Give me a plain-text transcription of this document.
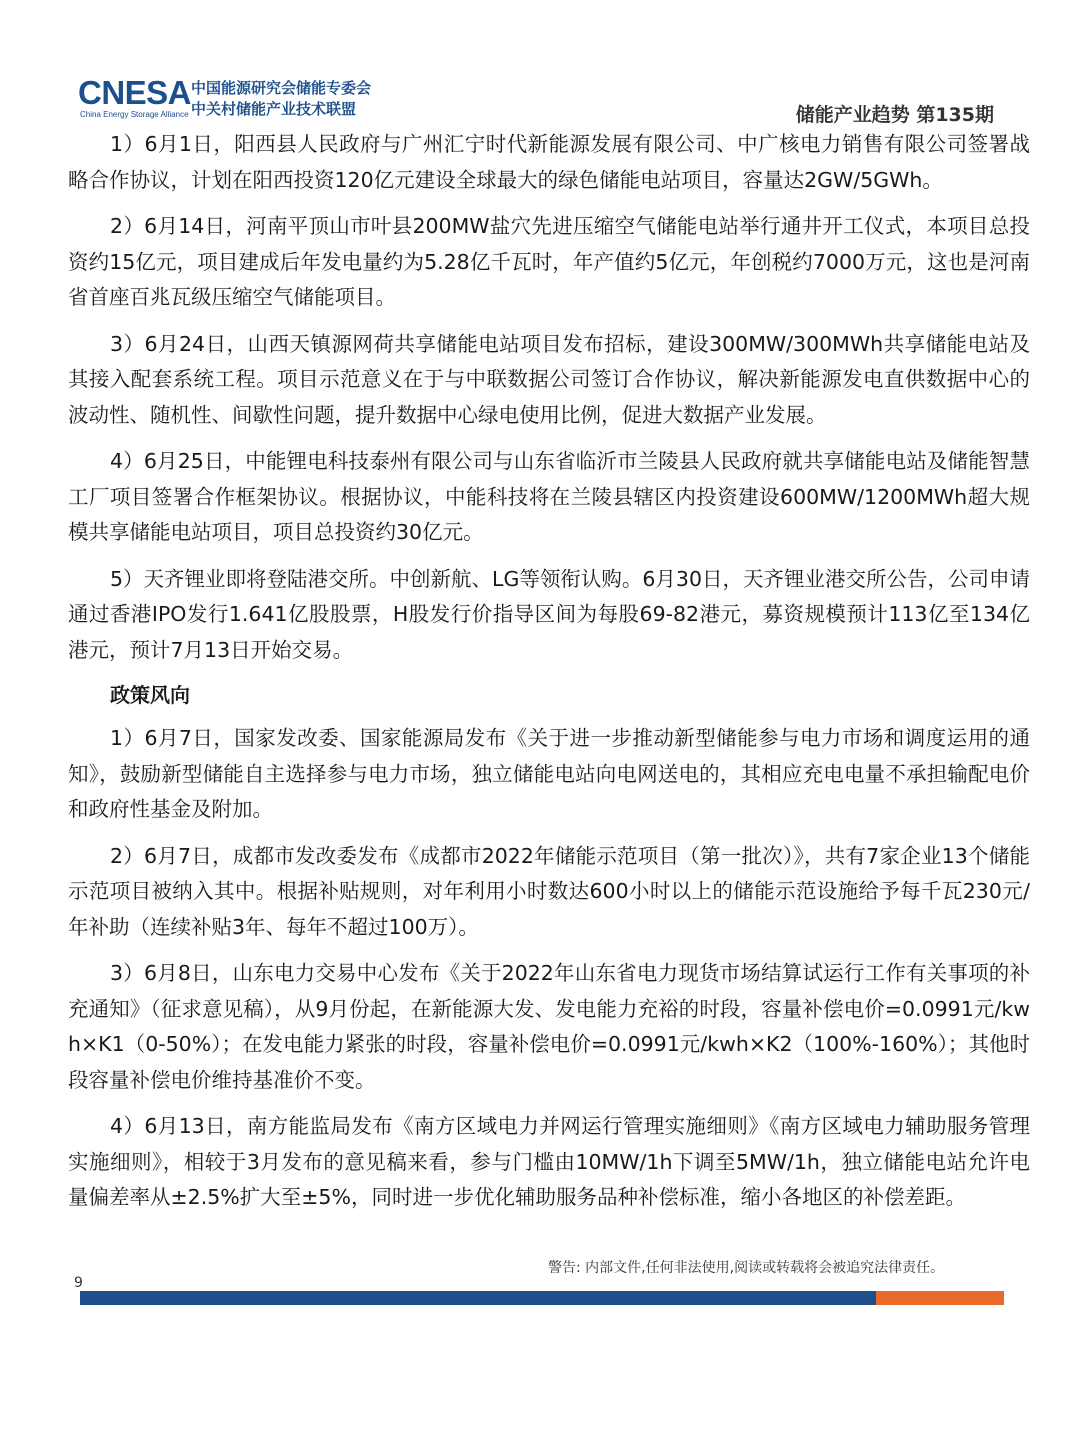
CNESA
China Energy Storage Alliance
中国能源研究会储能专委会
中关村储能产业技术联盟	储能产业趋势 第135期

1）6月1日，阳西县人民政府与广州汇宁时代新能源发展有限公司、中广核电力销售有限公司签署战略合作协议，计划在阳西投资120亿元建设全球最大的绿色储能电站项目，容量达2GW/5GWh。

2）6月14日，河南平顶山市叶县200MW盐穴先进压缩空气储能电站举行通井开工仪式，本项目总投资约15亿元，项目建成后年发电量约为5.28亿千瓦时，年产值约5亿元，年创税约7000万元，这也是河南省首座百兆瓦级压缩空气储能项目。

3）6月24日，山西天镇源网荷共享储能电站项目发布招标，建设300MW/300MWh共享储能电站及其接入配套系统工程。项目示范意义在于与中联数据公司签订合作协议，解决新能源发电直供数据中心的波动性、随机性、间歇性问题，提升数据中心绿电使用比例，促进大数据产业发展。

4）6月25日，中能锂电科技泰州有限公司与山东省临沂市兰陵县人民政府就共享储能电站及储能智慧工厂项目签署合作框架协议。根据协议，中能科技将在兰陵县辖区内投资建设600MW/1200MWh超大规模共享储能电站项目，项目总投资约30亿元。

5）天齐锂业即将登陆港交所。中创新航、LG等领衔认购。6月30日，天齐锂业港交所公告，公司申请通过香港IPO发行1.641亿股股票，H股发行价指导区间为每股69-82港元，募资规模预计113亿至134亿港元，预计7月13日开始交易。

政策风向

1）6月7日，国家发改委、国家能源局发布《关于进一步推动新型储能参与电力市场和调度运用的通知》，鼓励新型储能自主选择参与电力市场，独立储能电站向电网送电的，其相应充电电量不承担输配电价和政府性基金及附加。

2）6月7日，成都市发改委发布《成都市2022年储能示范项目（第一批次）》，共有7家企业13个储能示范项目被纳入其中。根据补贴规则，对年利用小时数达600小时以上的储能示范设施给予每千瓦230元/年补助（连续补贴3年、每年不超过100万）。

3）6月8日，山东电力交易中心发布《关于2022年山东省电力现货市场结算试运行工作有关事项的补充通知》（征求意见稿），从9月份起，在新能源大发、发电能力充裕的时段，容量补偿电价=0.0991元/kwh×K1（0-50%）；在发电能力紧张的时段，容量补偿电价=0.0991元/kwh×K2（100%-160%）；其他时段容量补偿电价维持基准价不变。

4）6月13日，南方能监局发布《南方区域电力并网运行管理实施细则》《南方区域电力辅助服务管理实施细则》，相较于3月发布的意见稿来看，参与门槛由10MW/1h下调至5MW/1h，独立储能电站允许电量偏差率从±2.5%扩大至±5%，同时进一步优化辅助服务品种补偿标准，缩小各地区的补偿差距。

警告: 内部文件,任何非法使用,阅读或转载将会被追究法律责任。
9
